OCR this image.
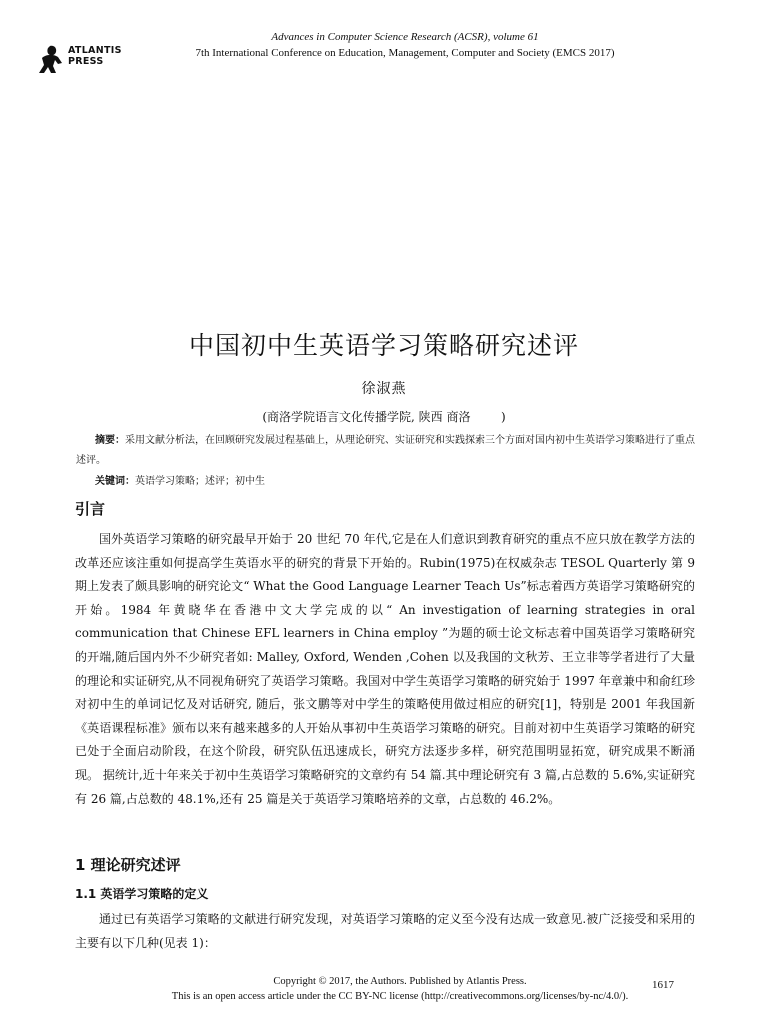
ATLANTIS
PRESS
Advances in Computer Science Research (ACSR), volume 61
7th International Conference on Education, Management, Computer and Society (EMCS 2017)
中国初中生英语学习策略研究述评
徐淑燕
(商洛学院语言文化传播学院, 陕西 商洛        )
摘要：采用文献分析法，在回顾研究发展过程基础上，从理论研究、实证研究和实践探索三个方面对国内初中生英语学习策略进行了重点述评。
关键词：英语学习策略；述评；初中生
引言
国外英语学习策略的研究最早开始于 20 世纪 70 年代,它是在人们意识到教育研究的重点不应只放在教学方法的改革还应该注重如何提高学生英语水平的研究的背景下开始的。Rubin(1975)在权威杂志 TESOL Quarterly 第 9 期上发表了颇具影响的研究论文“ What the Good Language Learner Teach Us”标志着西方英语学习策略研究的开始。1984 年黄晓华在香港中文大学完成的以“ An investigation of learning strategies in oral communication that Chinese EFL learners in China employ ”为题的硕士论文标志着中国英语学习策略研究的开端,随后国内外不少研究者如: Malley, Oxford, Wenden ,Cohen 以及我国的文秋芳、王立非等学者进行了大量的理论和实证研究,从不同视角研究了英语学习策略。我国对中学生英语学习策略的研究始于 1997 年章兼中和俞红珍对初中生的单词记忆及对话研究, 随后，张文鹏等对中学生的策略使用做过相应的研究[1]，特别是 2001 年我国新《英语课程标准》颁布以来有越来越多的人开始从事初中生英语学习策略的研究。目前对初中生英语学习策略的研究已处于全面启动阶段，在这个阶段，研究队伍迅速成长，研究方法逐步多样，研究范围明显拓宽，研究成果不断涌现。 据统计,近十年来关于初中生英语学习策略研究的文章约有 54 篇.其中理论研究有 3 篇,占总数的 5.6%,实证研究有 26 篇,占总数的 48.1%,还有 25 篇是关于英语学习策略培养的文章，占总数的 46.2%。
1 理论研究述评
1.1 英语学习策略的定义
通过已有英语学习策略的文献进行研究发现，对英语学习策略的定义至今没有达成一致意见.被广泛接受和采用的主要有以下几种(见表 1)：
Copyright © 2017, the Authors. Published by Atlantis Press.
This is an open access article under the CC BY-NC license (http://creativecommons.org/licenses/by-nc/4.0/).
1617
